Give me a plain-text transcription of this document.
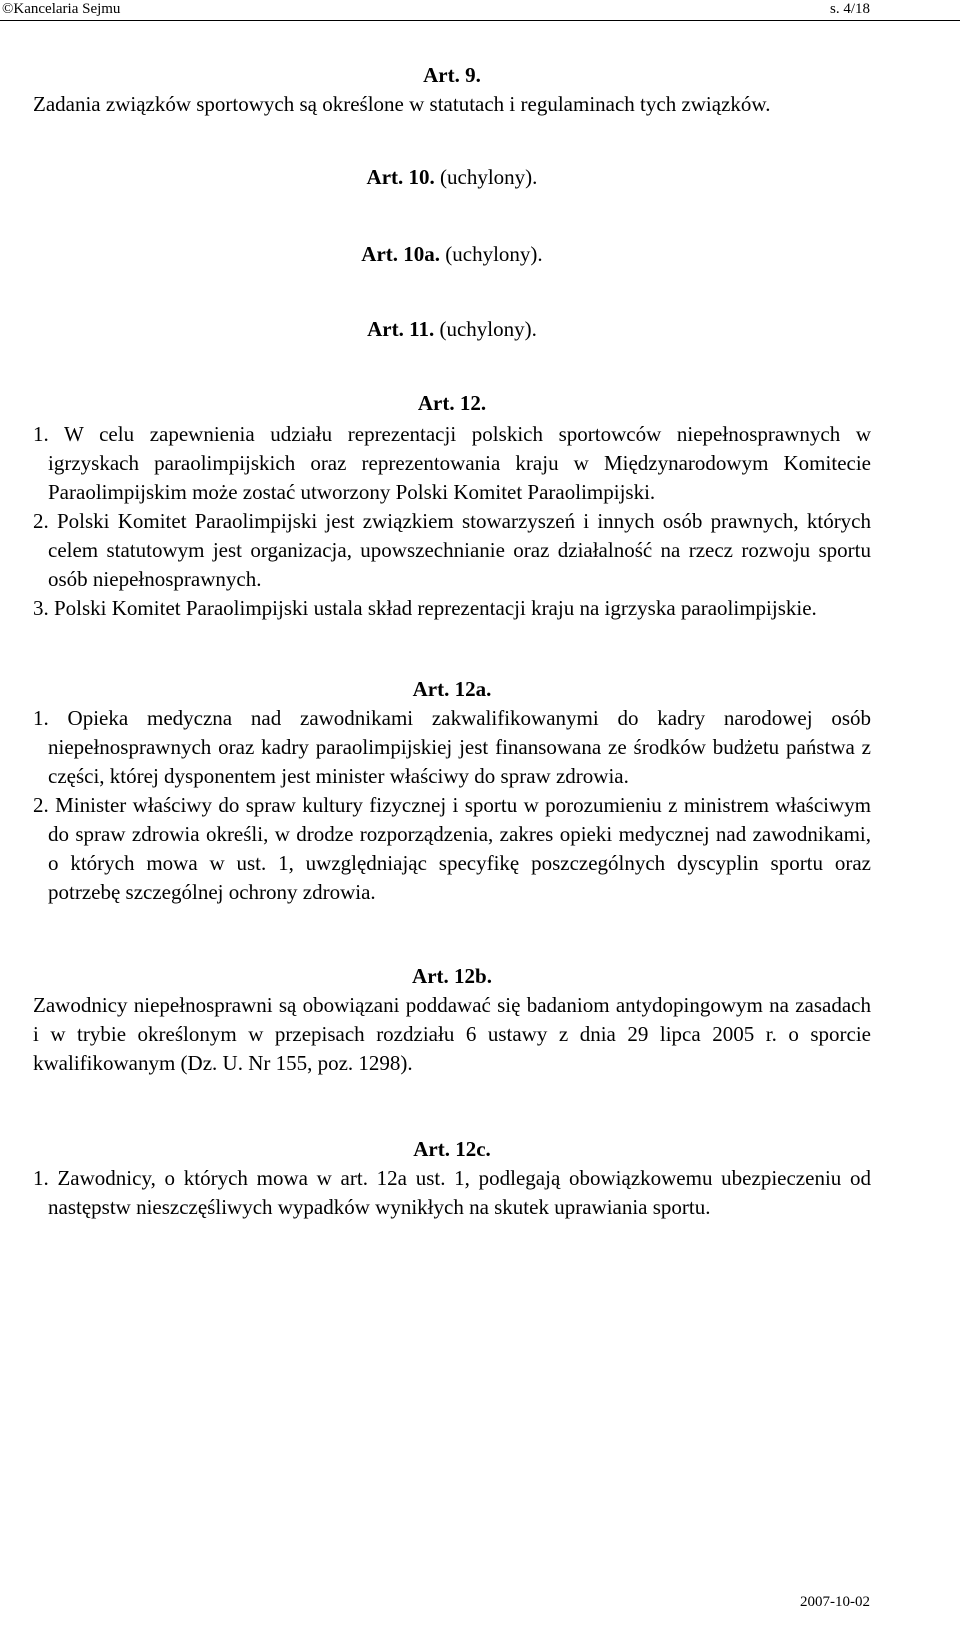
©Kancelaria Sejmu	s. 4/18

Art. 9.

Zadania związków sportowych są określone w statutach i regulaminach tych związków.

Art. 10. (uchylony).

Art. 10a. (uchylony).

Art. 11. (uchylony).

Art. 12.

1. W celu zapewnienia udziału reprezentacji polskich sportowców niepełnosprawnych w igrzyskach paraolimpijskich oraz reprezentowania kraju w Międzynarodowym Komitecie Paraolimpijskim może zostać utworzony Polski Komitet Paraolimpijski.

2. Polski Komitet Paraolimpijski jest związkiem stowarzyszeń i innych osób prawnych, których celem statutowym jest organizacja, upowszechnianie oraz działalność na rzecz rozwoju sportu osób niepełnosprawnych.

3. Polski Komitet Paraolimpijski ustala skład reprezentacji kraju na igrzyska paraolimpijskie.

Art. 12a.

1. Opieka medyczna nad zawodnikami zakwalifikowanymi do kadry narodowej osób niepełnosprawnych oraz kadry paraolimpijskiej jest finansowana ze środków budżetu państwa z części, której dysponentem jest minister właściwy do spraw zdrowia.

2. Minister właściwy do spraw kultury fizycznej i sportu w porozumieniu z ministrem właściwym do spraw zdrowia określi, w drodze rozporządzenia, zakres opieki medycznej nad zawodnikami, o których mowa w ust. 1, uwzględniając specyfikę poszczególnych dyscyplin sportu oraz potrzebę szczególnej ochrony zdrowia.

Art. 12b.

Zawodnicy niepełnosprawni są obowiązani poddawać się badaniom antydopingowym na zasadach i w trybie określonym w przepisach rozdziału 6 ustawy z dnia 29 lipca 2005 r. o sporcie kwalifikowanym (Dz. U. Nr 155, poz. 1298).

Art. 12c.

1. Zawodnicy, o których mowa w art. 12a ust. 1, podlegają obowiązkowemu ubezpieczeniu od następstw nieszczęśliwych wypadków wynikłych na skutek uprawiania sportu.

2007-10-02
